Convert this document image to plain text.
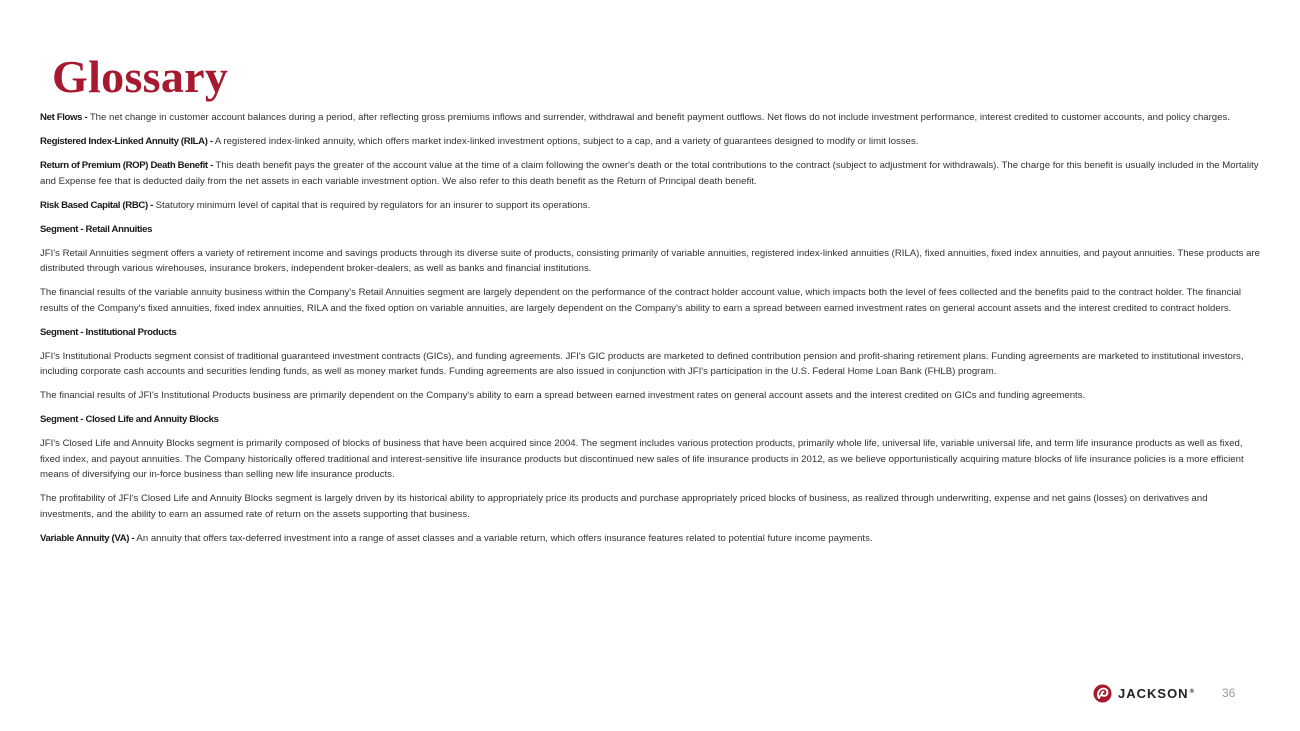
Glossary

Net Flows - The net change in customer account balances during a period, after reflecting gross premiums inflows and surrender, withdrawal and benefit payment outflows. Net flows do not include investment performance, interest credited to customer accounts, and policy charges.

Registered Index-Linked Annuity (RILA) - A registered index-linked annuity, which offers market index-linked investment options, subject to a cap, and a variety of guarantees designed to modify or limit losses.

Return of Premium (ROP) Death Benefit - This death benefit pays the greater of the account value at the time of a claim following the owner's death or the total contributions to the contract (subject to adjustment for withdrawals). The charge for this benefit is usually included in the Mortality and Expense fee that is deducted daily from the net assets in each variable investment option. We also refer to this death benefit as the Return of Principal death benefit.

Risk Based Capital (RBC) - Statutory minimum level of capital that is required by regulators for an insurer to support its operations.

Segment - Retail Annuities

JFI's Retail Annuities segment offers a variety of retirement income and savings products through its diverse suite of products, consisting primarily of variable annuities, registered index-linked annuities (RILA), fixed annuities, fixed index annuities, and payout annuities. These products are distributed through various wirehouses, insurance brokers, independent broker-dealers, as well as banks and financial institutions.

The financial results of the variable annuity business within the Company's Retail Annuities segment are largely dependent on the performance of the contract holder account value, which impacts both the level of fees collected and the benefits paid to the contract holder. The financial results of the Company's fixed annuities, fixed index annuities, RILA and the fixed option on variable annuities, are largely dependent on the Company's ability to earn a spread between earned investment rates on general account assets and the interest credited to contract holders.

Segment - Institutional Products

JFI's Institutional Products segment consist of traditional guaranteed investment contracts (GICs), and funding agreements. JFI's GIC products are marketed to defined contribution pension and profit-sharing retirement plans. Funding agreements are marketed to institutional investors, including corporate cash accounts and securities lending funds, as well as money market funds. Funding agreements are also issued in conjunction with JFI's participation in the U.S. Federal Home Loan Bank (FHLB) program.

The financial results of JFI's Institutional Products business are primarily dependent on the Company's ability to earn a spread between earned investment rates on general account assets and the interest credited on GICs and funding agreements.

Segment - Closed Life and Annuity Blocks

JFI's Closed Life and Annuity Blocks segment is primarily composed of blocks of business that have been acquired since 2004. The segment includes various protection products, primarily whole life, universal life, variable universal life, and term life insurance products as well as fixed, fixed index, and payout annuities. The Company historically offered traditional and interest-sensitive life insurance products but discontinued new sales of life insurance products in 2012, as we believe opportunistically acquiring mature blocks of life insurance policies is a more efficient means of diversifying our in-force business than selling new life insurance products.

The profitability of JFI's Closed Life and Annuity Blocks segment is largely driven by its historical ability to appropriately price its products and purchase appropriately priced blocks of business, as realized through underwriting, expense and net gains (losses) on derivatives and investments, and the ability to earn an assumed rate of return on the assets supporting that business.

Variable Annuity (VA) - An annuity that offers tax-deferred investment into a range of asset classes and a variable return, which offers insurance features related to potential future income payments.

JACKSON® 36
